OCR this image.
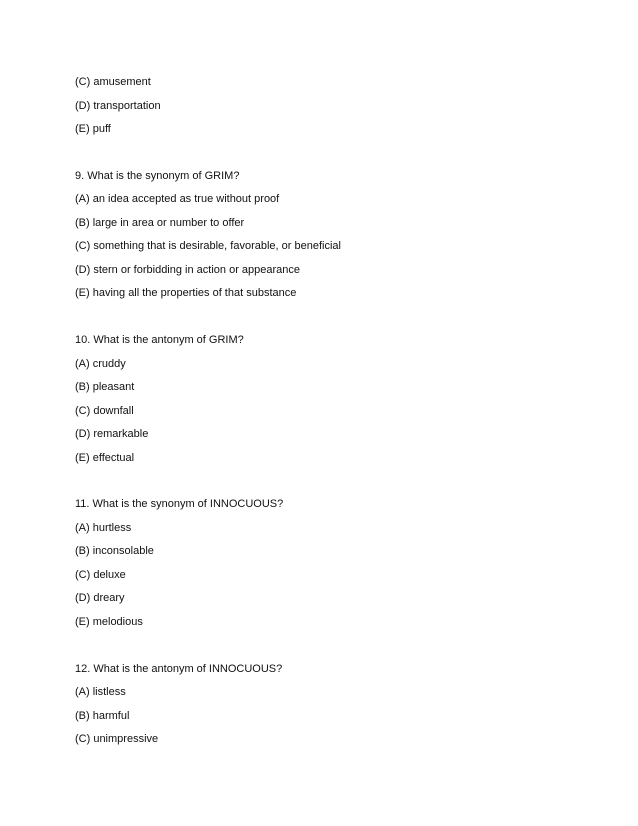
(C) amusement
(D) transportation
(E) puff
9. What is the synonym of GRIM?
(A) an idea accepted as true without proof
(B) large in area or number to offer
(C) something that is desirable, favorable, or beneficial
(D) stern or forbidding in action or appearance
(E) having all the properties of that substance
10. What is the antonym of GRIM?
(A) cruddy
(B) pleasant
(C) downfall
(D) remarkable
(E) effectual
11. What is the synonym of INNOCUOUS?
(A) hurtless
(B) inconsolable
(C) deluxe
(D) dreary
(E) melodious
12. What is the antonym of INNOCUOUS?
(A) listless
(B) harmful
(C) unimpressive
